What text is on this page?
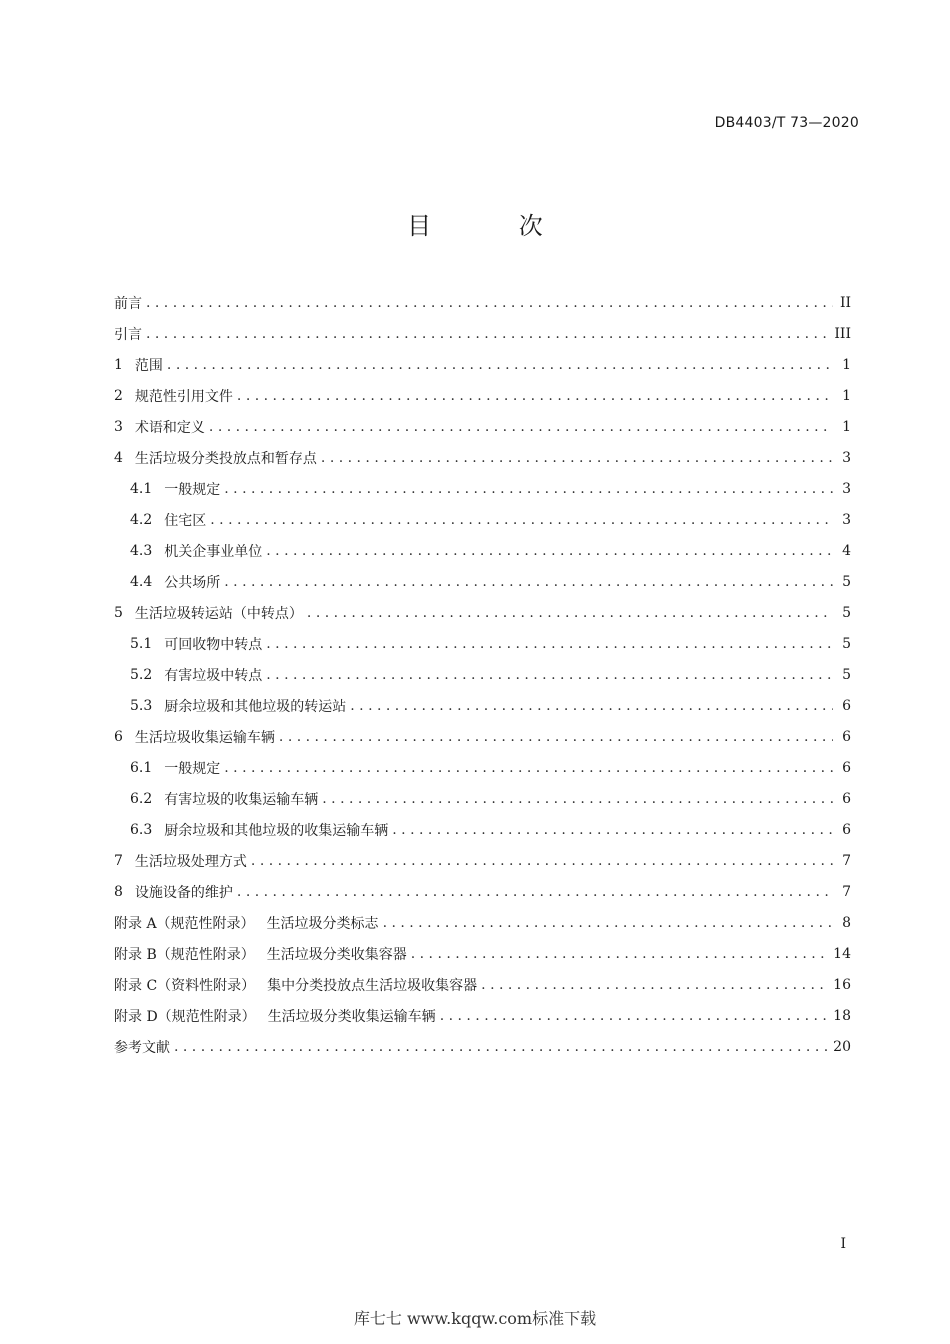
DB4403/T 73—2020
目 次
前言 . . .	II
引言 . . .	III
1 范围 . . .	1
2 规范性引用文件 . . .	1
3 术语和定义 . . .	1
4 生活垃圾分类投放点和暂存点 . . .	3
4.1 一般规定 . . .	3
4.2 住宅区 . . .	3
4.3 机关企事业单位 . . .	4
4.4 公共场所 . . .	5
5 生活垃圾转运站（中转点） . . .	5
5.1 可回收物中转点 . . .	5
5.2 有害垃圾中转点 . . .	5
5.3 厨余垃圾和其他垃圾的转运站 . . .	6
6 生活垃圾收集运输车辆 . . .	6
6.1 一般规定 . . .	6
6.2 有害垃圾的收集运输车辆 . . .	6
6.3 厨余垃圾和其他垃圾的收集运输车辆 . . .	6
7 生活垃圾处理方式 . . .	7
8 设施设备的维护 . . .	7
附录 A（规范性附录） 生活垃圾分类标志 . . .	8
附录 B（规范性附录） 生活垃圾分类收集容器 . . .	14
附录 C（资料性附录） 集中分类投放点生活垃圾收集容器 . . .	16
附录 D（规范性附录） 生活垃圾分类收集运输车辆 . . .	18
参考文献 . . .	20
I
库七七 www.kqqw.com标准下载
